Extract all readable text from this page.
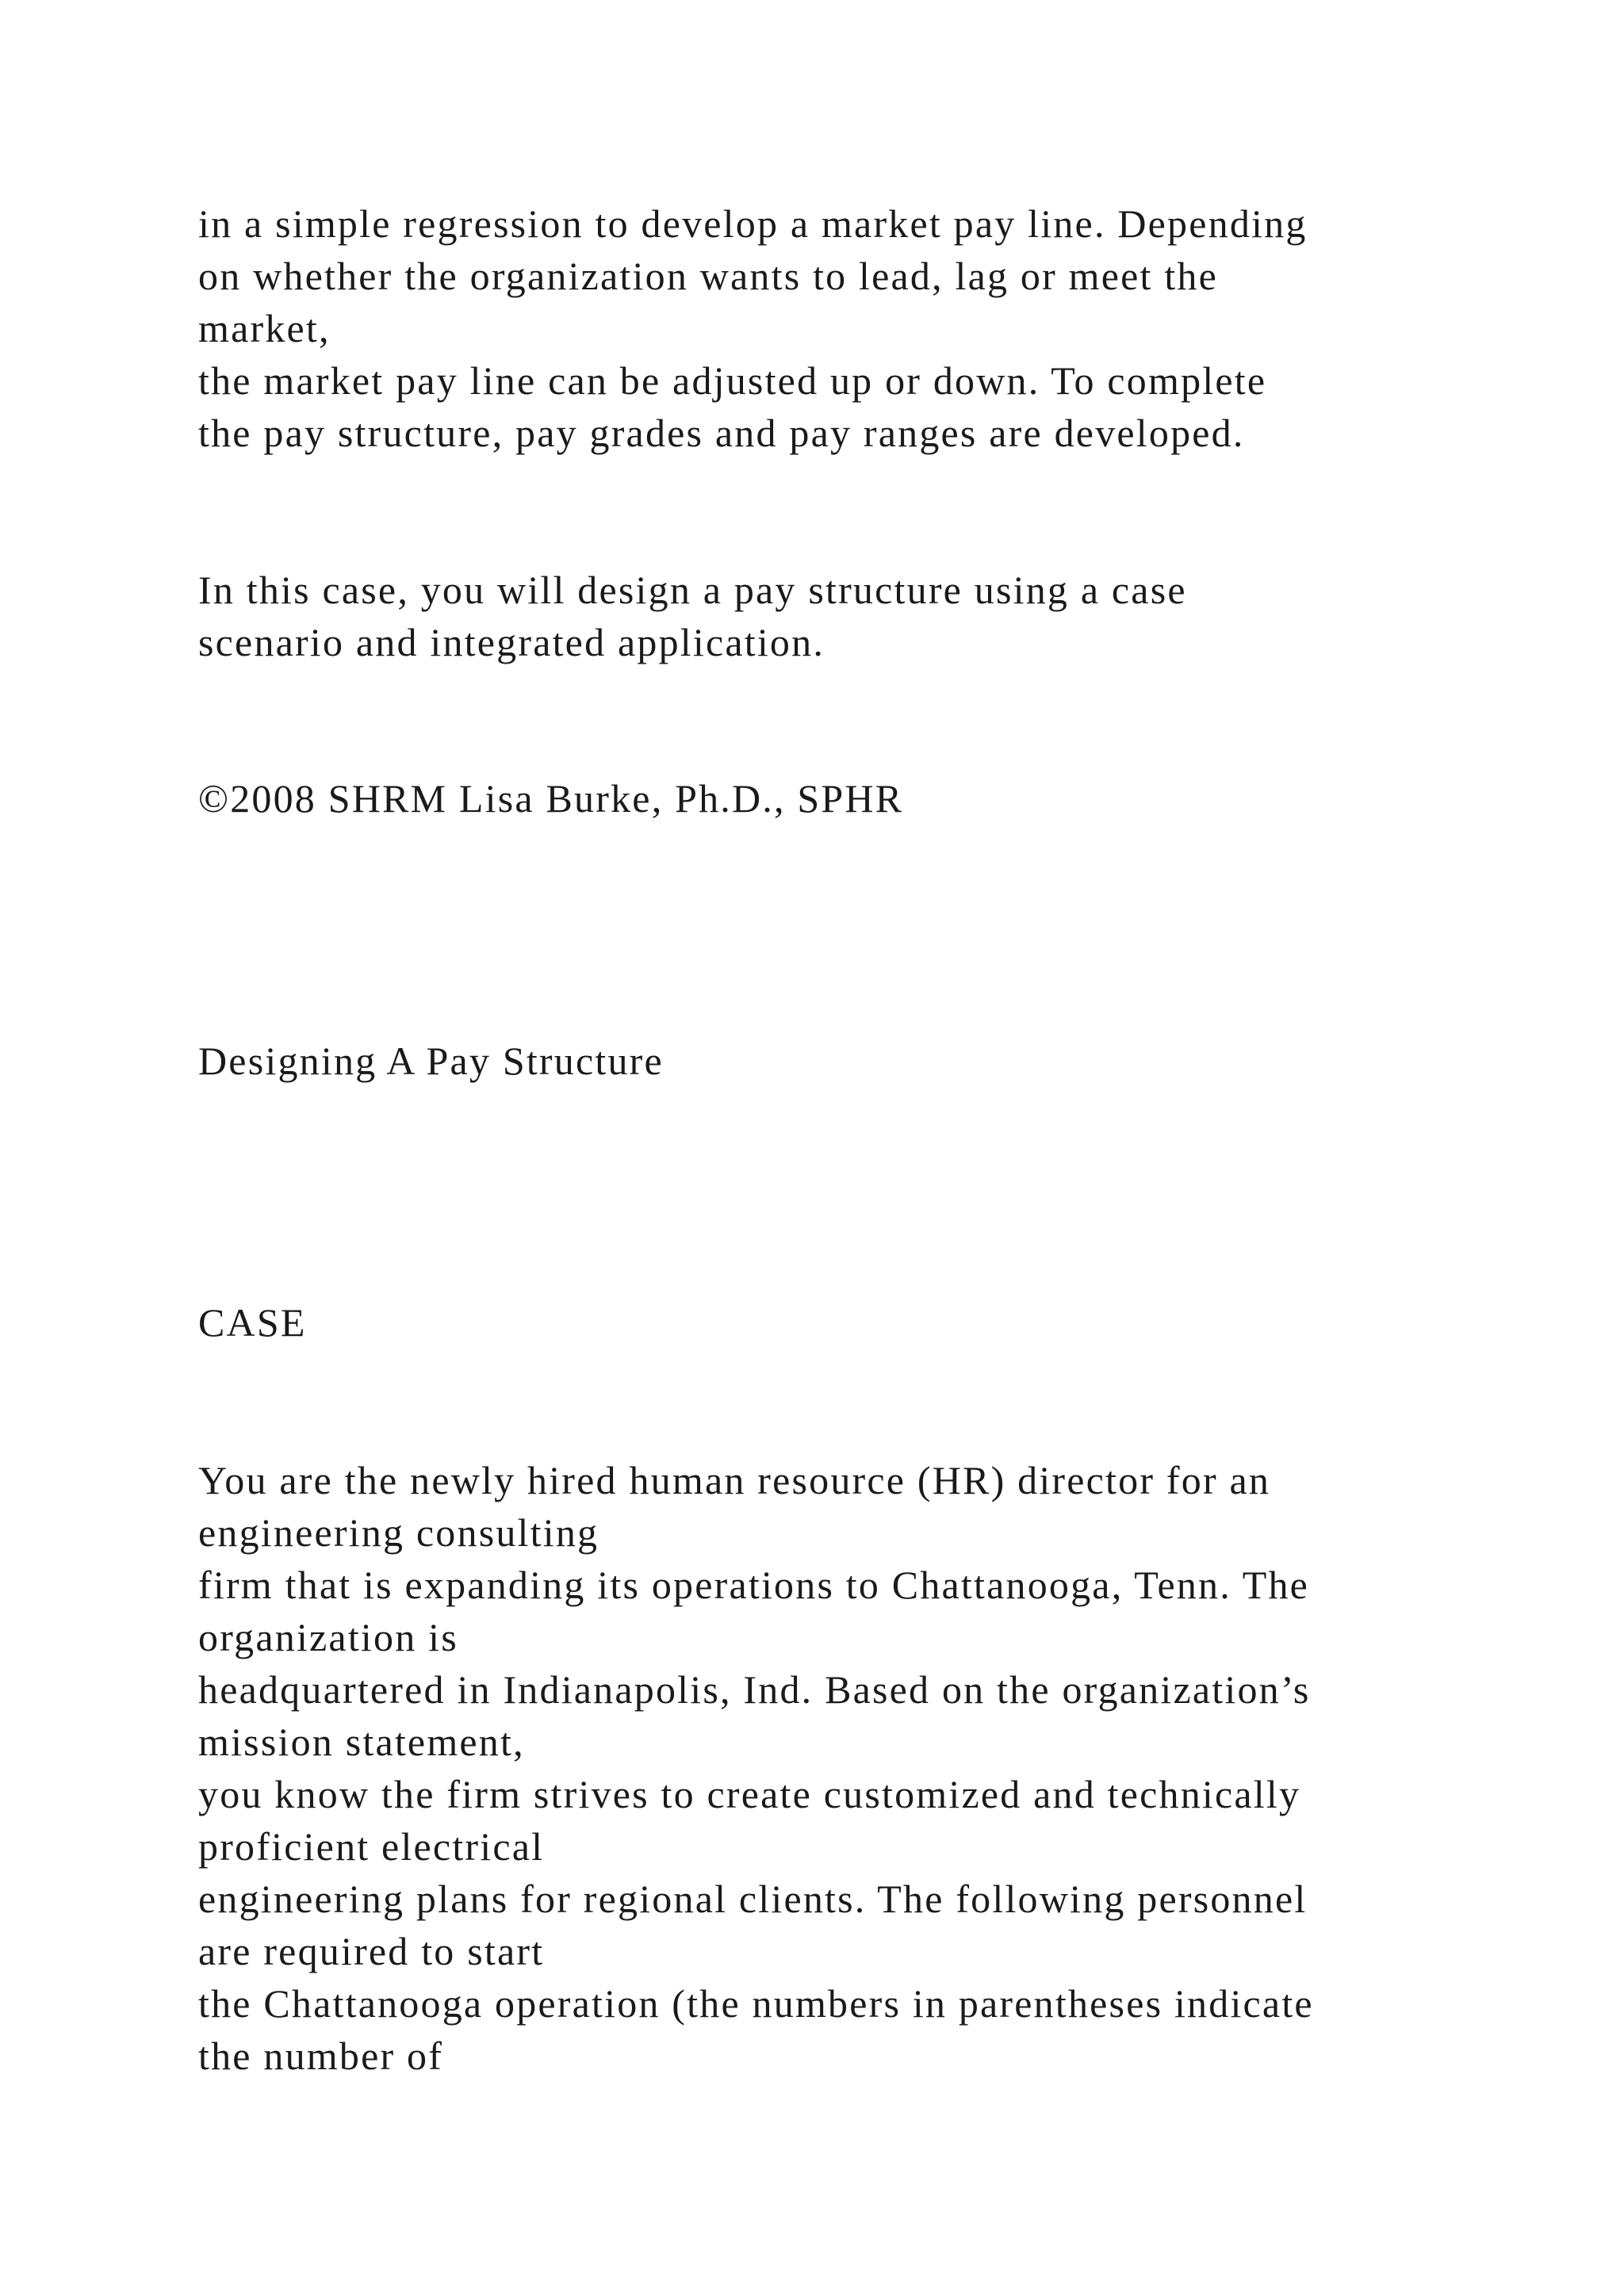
in a simple regression to develop a market pay line. Depending
on whether the organization wants to lead, lag or meet the
market,
the market pay line can be adjusted up or down. To complete
the pay structure, pay grades and pay ranges are developed.
In this case, you will design a pay structure using a case
scenario and integrated application.
©2008 SHRM Lisa Burke, Ph.D., SPHR
Designing A Pay Structure
CASE
You are the newly hired human resource (HR) director for an
engineering consulting
firm that is expanding its operations to Chattanooga, Tenn. The
organization is
headquartered in Indianapolis, Ind. Based on the organization’s
mission statement,
you know the firm strives to create customized and technically
proficient electrical
engineering plans for regional clients. The following personnel
are required to start
the Chattanooga operation (the numbers in parentheses indicate
the number of
